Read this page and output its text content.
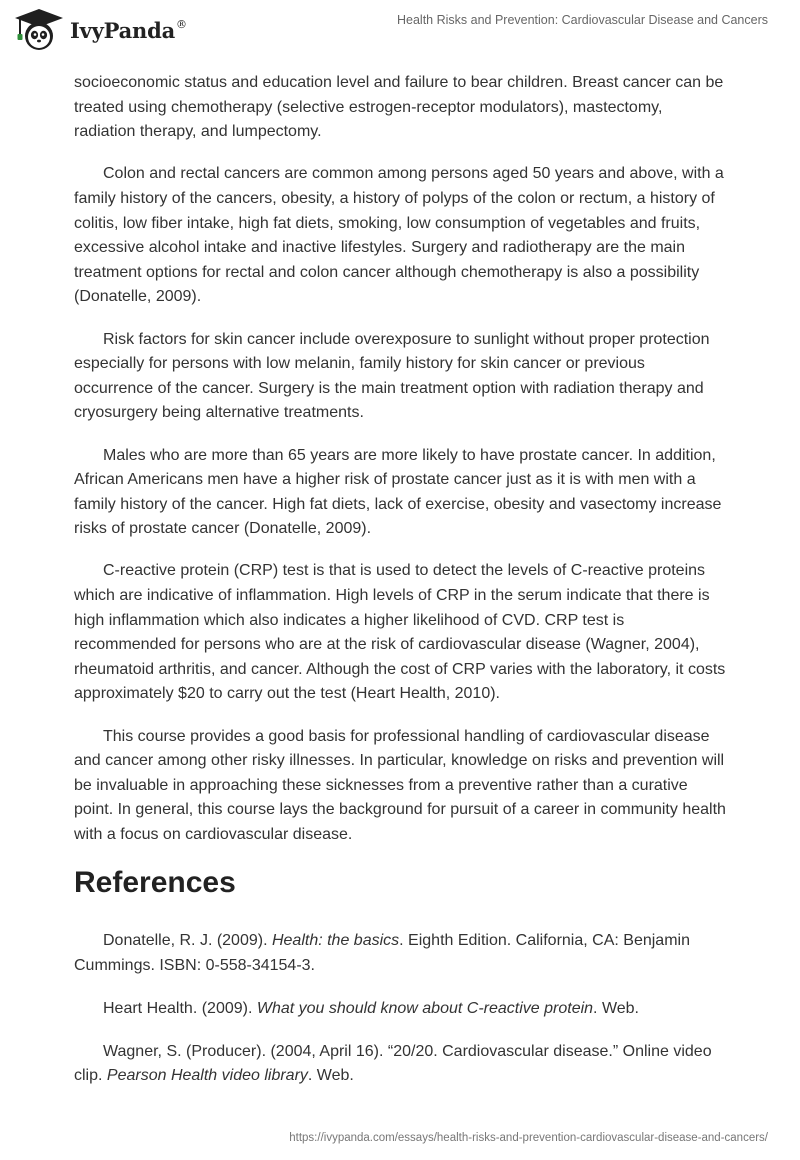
IvyPanda®	Health Risks and Prevention: Cardiovascular Disease and Cancers

socioeconomic status and education level and failure to bear children. Breast cancer can be treated using chemotherapy (selective estrogen-receptor modulators), mastectomy, radiation therapy, and lumpectomy.

Colon and rectal cancers are common among persons aged 50 years and above, with a family history of the cancers, obesity, a history of polyps of the colon or rectum, a history of colitis, low fiber intake, high fat diets, smoking, low consumption of vegetables and fruits, excessive alcohol intake and inactive lifestyles. Surgery and radiotherapy are the main treatment options for rectal and colon cancer although chemotherapy is also a possibility (Donatelle, 2009).

Risk factors for skin cancer include overexposure to sunlight without proper protection especially for persons with low melanin, family history for skin cancer or previous occurrence of the cancer. Surgery is the main treatment option with radiation therapy and cryosurgery being alternative treatments.

Males who are more than 65 years are more likely to have prostate cancer. In addition, African Americans men have a higher risk of prostate cancer just as it is with men with a family history of the cancer. High fat diets, lack of exercise, obesity and vasectomy increase risks of prostate cancer (Donatelle, 2009).

C-reactive protein (CRP) test is that is used to detect the levels of C-reactive proteins which are indicative of inflammation. High levels of CRP in the serum indicate that there is high inflammation which also indicates a higher likelihood of CVD. CRP test is recommended for persons who are at the risk of cardiovascular disease (Wagner, 2004), rheumatoid arthritis, and cancer. Although the cost of CRP varies with the laboratory, it costs approximately $20 to carry out the test (Heart Health, 2010).

This course provides a good basis for professional handling of cardiovascular disease and cancer among other risky illnesses. In particular, knowledge on risks and prevention will be invaluable in approaching these sicknesses from a preventive rather than a curative point. In general, this course lays the background for pursuit of a career in community health with a focus on cardiovascular disease.

References

Donatelle, R. J. (2009). Health: the basics. Eighth Edition. California, CA: Benjamin Cummings. ISBN: 0-558-34154-3.

Heart Health. (2009). What you should know about C-reactive protein. Web.

Wagner, S. (Producer). (2004, April 16). “20/20. Cardiovascular disease.” Online video clip. Pearson Health video library. Web.

https://ivypanda.com/essays/health-risks-and-prevention-cardiovascular-disease-and-cancers/
